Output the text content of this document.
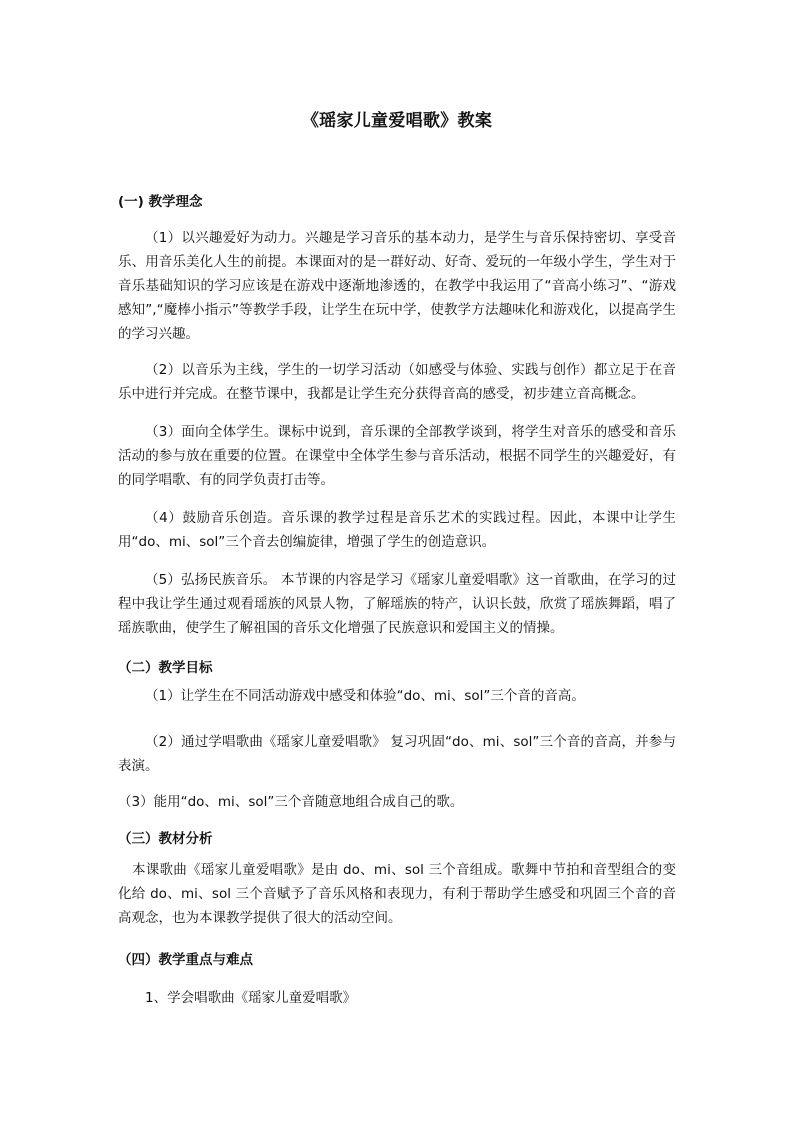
《瑶家儿童爱唱歌》教案
(一) 教学理念
（1）以兴趣爱好为动力。兴趣是学习音乐的基本动力，是学生与音乐保持密切、享受音乐、用音乐美化人生的前提。本课面对的是一群好动、好奇、爱玩的一年级小学生，学生对于音乐基础知识的学习应该是在游戏中逐渐地渗透的，在教学中我运用了“音高小练习”、“游戏感知”,“魔棒小指示”等教学手段，让学生在玩中学，使教学方法趣味化和游戏化，以提高学生的学习兴趣。
（2）以音乐为主线，学生的一切学习活动（如感受与体验、实践与创作）都立足于在音乐中进行并完成。在整节课中，我都是让学生充分获得音高的感受，初步建立音高概念。
（3）面向全体学生。课标中说到，音乐课的全部教学谈到，将学生对音乐的感受和音乐活动的参与放在重要的位置。在课堂中全体学生参与音乐活动，根据不同学生的兴趣爱好，有的同学唱歌、有的同学负责打击等。
（4）鼓励音乐创造。音乐课的教学过程是音乐艺术的实践过程。因此，本课中让学生用“do、mi、sol”三个音去创编旋律，增强了学生的创造意识。
（5）弘扬民族音乐。 本节课的内容是学习《瑶家儿童爱唱歌》这一首歌曲，在学习的过程中我让学生通过观看瑶族的风景人物，了解瑶族的特产，认识长鼓，欣赏了瑶族舞蹈，唱了瑶族歌曲，使学生了解祖国的音乐文化增强了民族意识和爱国主义的情操。
（二）教学目标
（1）让学生在不同活动游戏中感受和体验“do、mi、sol”三个音的音高。
（2）通过学唱歌曲《瑶家儿童爱唱歌》 复习巩固“do、mi、sol”三个音的音高，并参与表演。
（3）能用“do、mi、sol”三个音随意地组合成自己的歌。
（三）教材分析
本课歌曲《瑶家儿童爱唱歌》是由 do、mi、sol 三个音组成。歌舞中节拍和音型组合的变化给 do、mi、sol 三个音赋予了音乐风格和表现力，有利于帮助学生感受和巩固三个音的音高观念，也为本课教学提供了很大的活动空间。
（四）教学重点与难点
1、学会唱歌曲《瑶家儿童爱唱歌》
